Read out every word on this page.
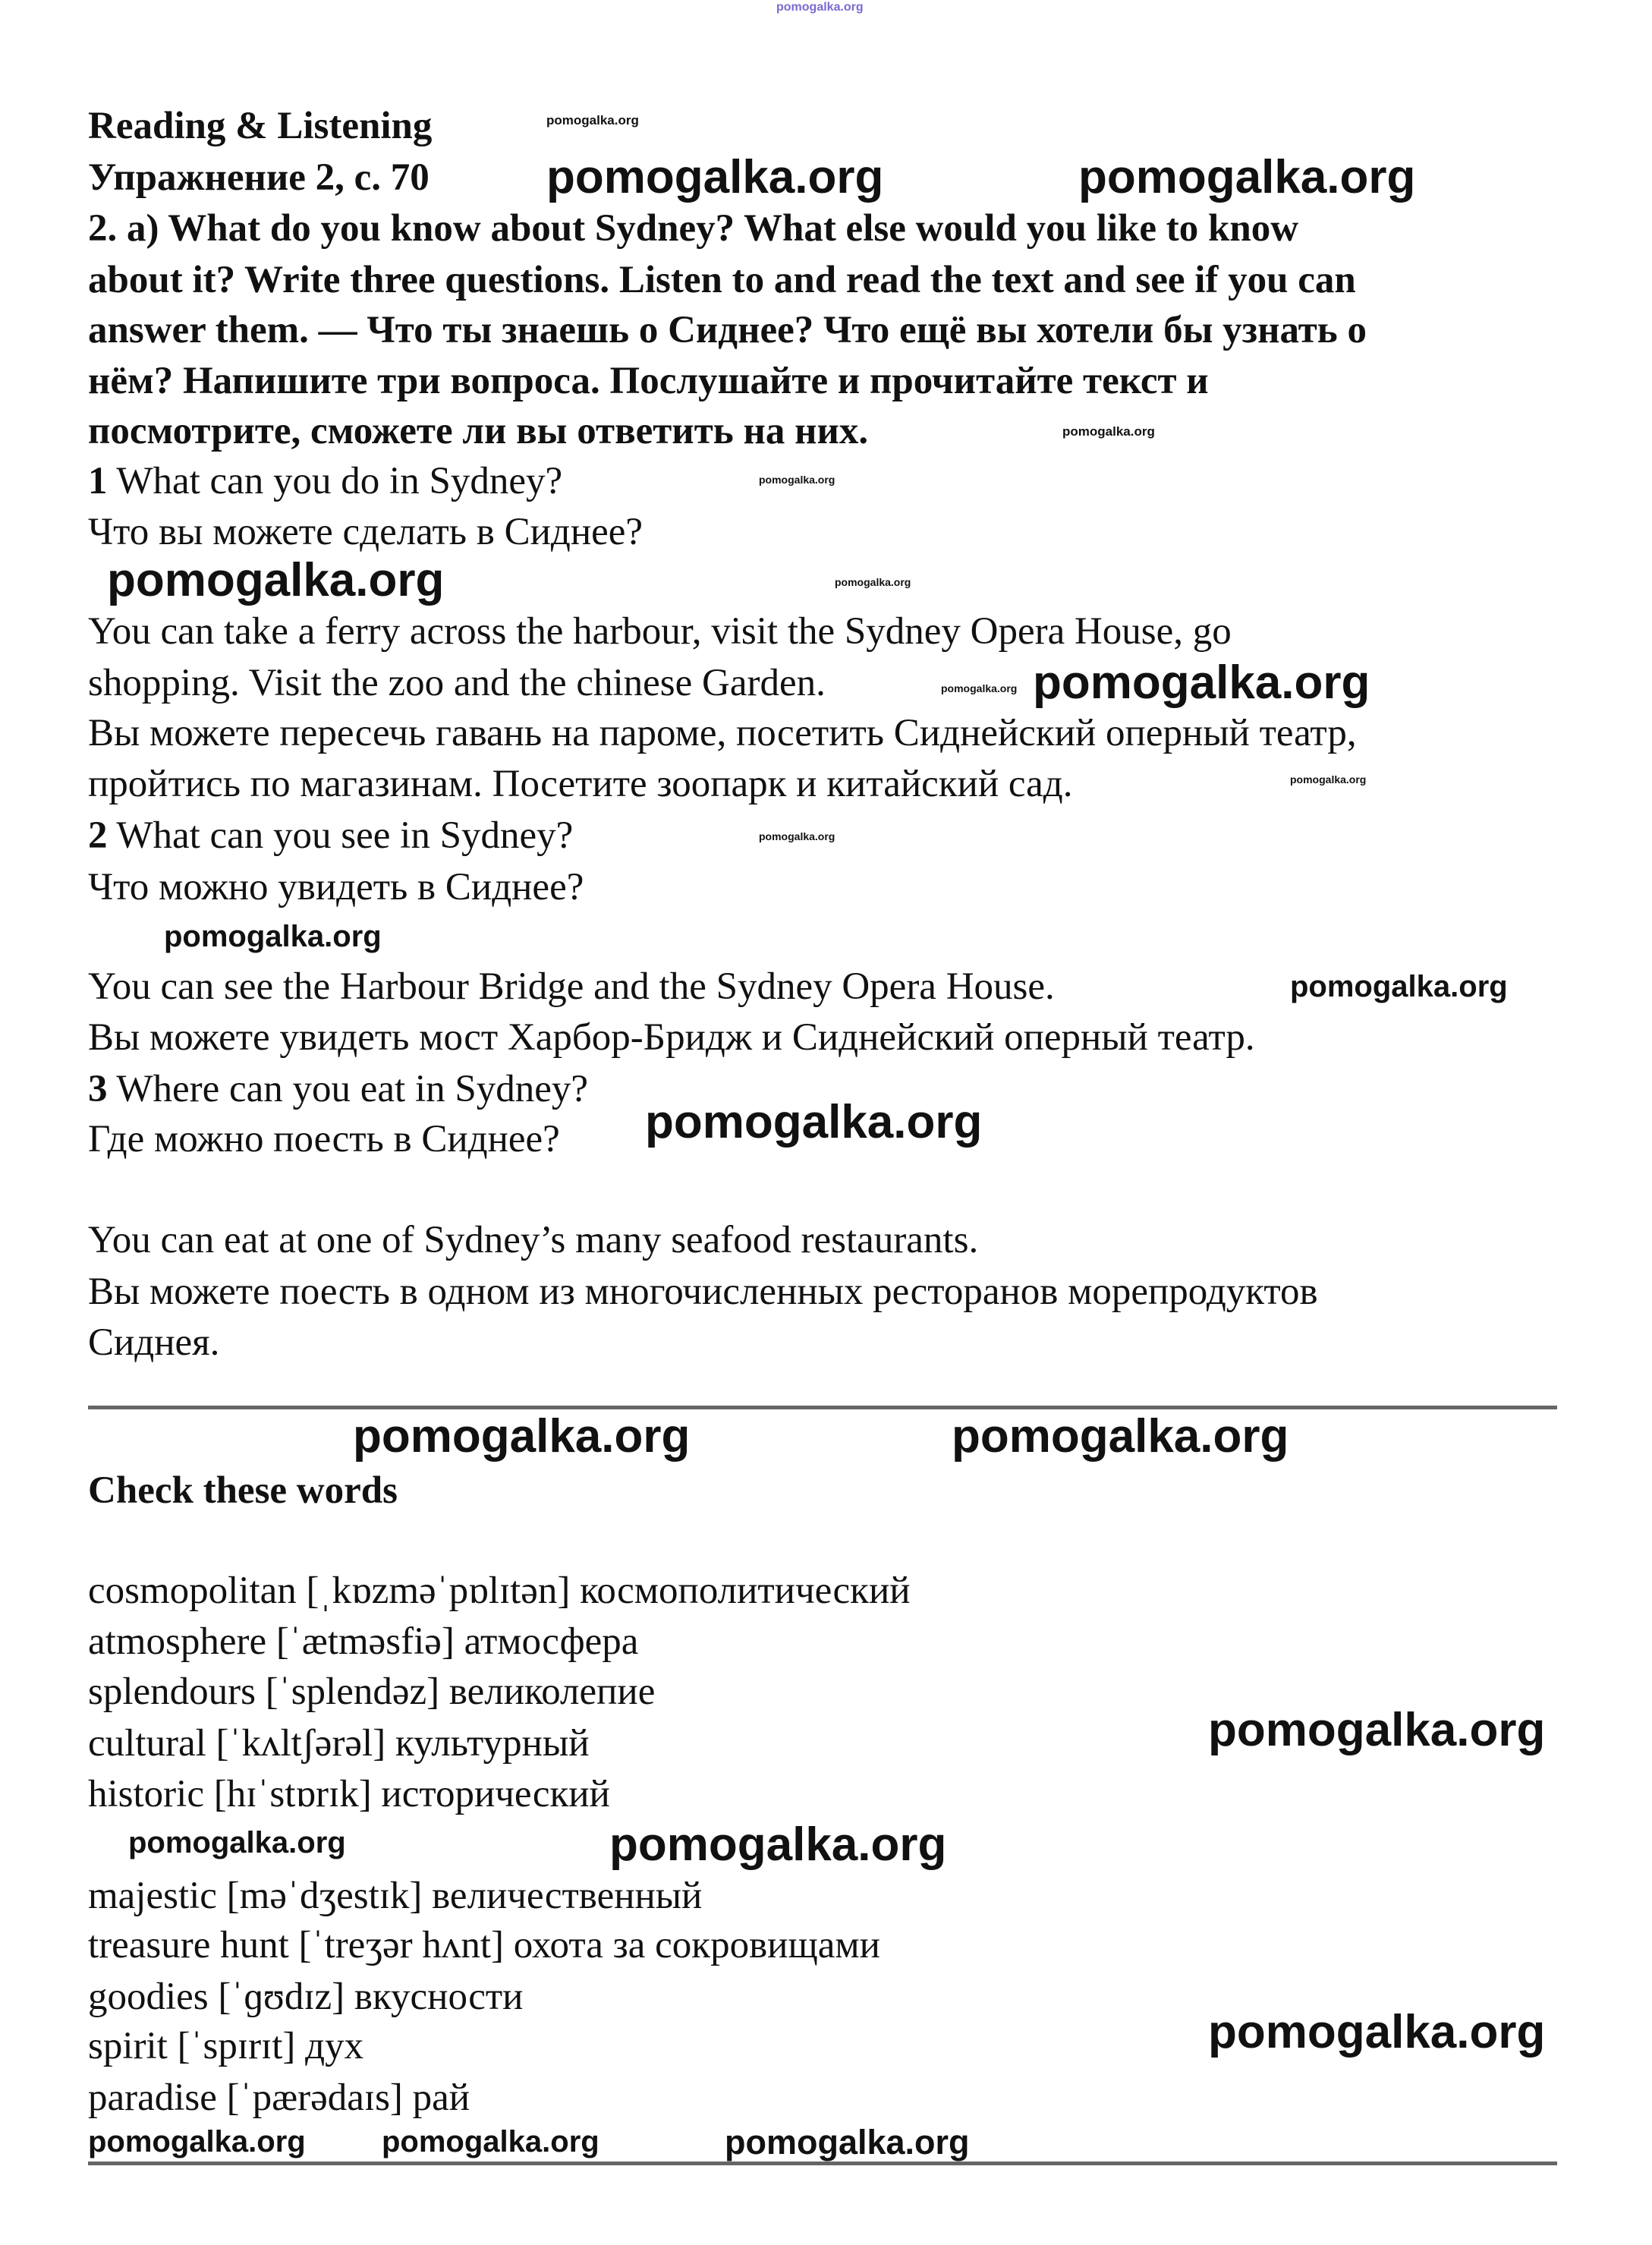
Reading & Listening
Упражнение 2, с. 70
2. a) What do you know about Sydney? What else would you like to know
about it? Write three questions. Listen to and read the text and see if you can
answer them. — Что ты знаешь о Сиднее? Что ещё вы хотели бы узнать о
нём? Напишите три вопроса. Послушайте и прочитайте текст и
посмотрите, сможете ли вы ответить на них.
1 What can you do in Sydney?
Что вы можете сделать в Сиднее?
You can take a ferry across the harbour, visit the Sydney Opera House, go
shopping. Visit the zoo and the chinese Garden.
Вы можете пересечь гавань на пароме, посетить Сиднейский оперный театр,
пройтись по магазинам. Посетите зоопарк и китайский сад.
2 What can you see in Sydney?
Что можно увидеть в Сиднее?
You can see the Harbour Bridge and the Sydney Opera House.
Вы можете увидеть мост Харбор-Бридж и Сиднейский оперный театр.
3 Where can you eat in Sydney?
Где можно поесть в Сиднее?
You can eat at one of Sydney’s many seafood restaurants.
Вы можете поесть в одном из многочисленных ресторанов морепродуктов
Сиднея.
Check these words
cosmopolitan [ˌkɒzməˈpɒlɪtən] космополитический
atmosphere [ˈætməsfiə] атмосфера
splendours [ˈsplendəz] великолепие
cultural [ˈkʌltʃərəl] культурный
historic [hɪˈstɒrɪk] исторический
majestic [məˈdʒestɪk] величественный
treasure hunt [ˈtreʒər hʌnt] охота за сокровищами
goodies [ˈɡʊdɪz] вкусности
spirit [ˈspɪrɪt] дух
paradise [ˈpærədaɪs] рай
pomogalka.org
pomogalka.org	pomogalka.org
pomogalka.org
pomogalka.org
pomogalka.org
pomogalka.org	pomogalka.org
pomogalka.org
pomogalka.org
pomogalka.org
pomogalka.org
pomogalka.org
pomogalka.org
pomogalka.org	pomogalka.org	pomogalka.org
pomogalka.org
pomogalka.org
pomogalka.org
pomogalka.org
pomogalka.org
pomogalka.org
pomogalka.org
